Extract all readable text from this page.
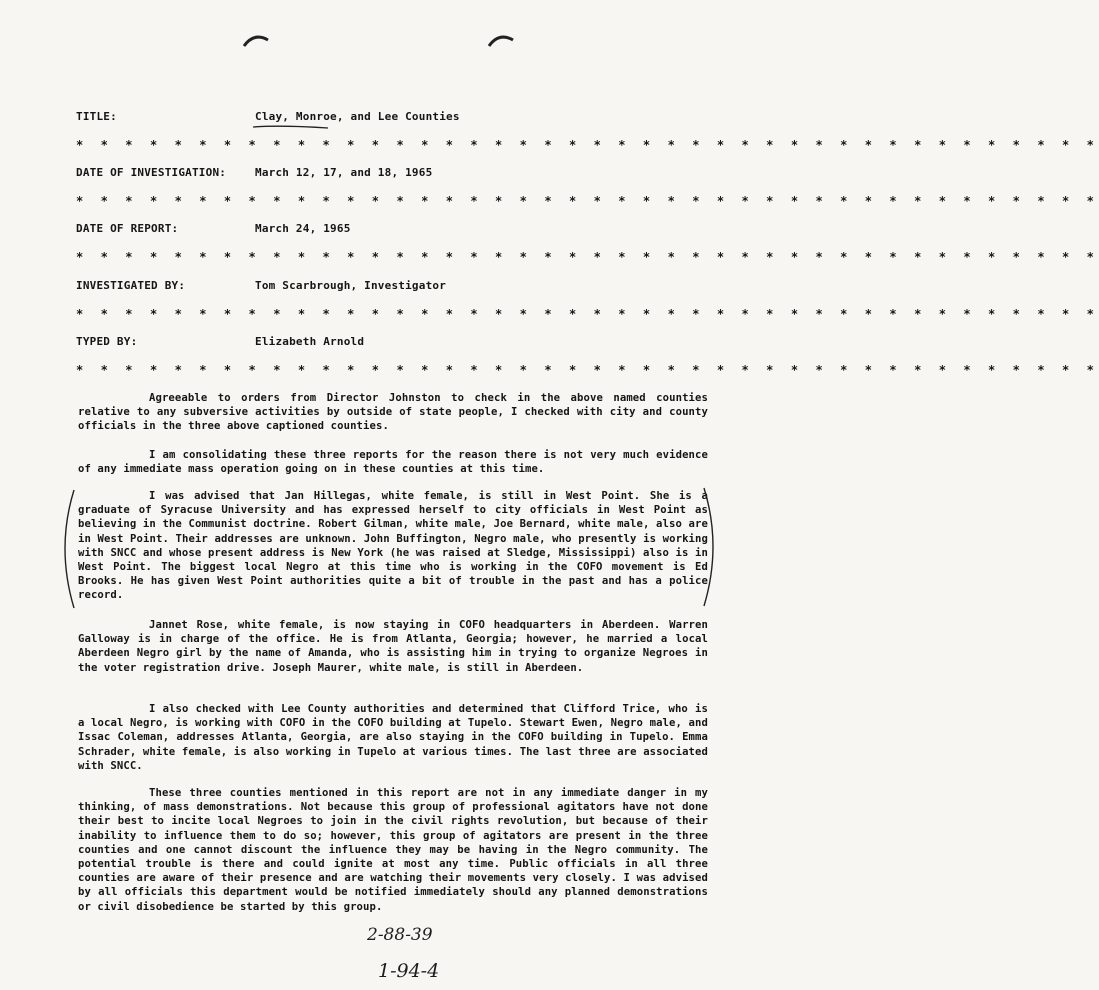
TITLE:	Clay, Monroe, and Lee Counties
* * * * * * * * * * * * * * * * * * * * * * * * * * * * * * * * * * * * * * * * * *
DATE OF INVESTIGATION:	March 12, 17, and 18, 1965
* * * * * * * * * * * * * * * * * * * * * * * * * * * * * * * * * * * * * * * * * *
DATE OF REPORT:	March 24, 1965
* * * * * * * * * * * * * * * * * * * * * * * * * * * * * * * * * * * * * * * * * *
INVESTIGATED BY:	Tom Scarbrough, Investigator
* * * * * * * * * * * * * * * * * * * * * * * * * * * * * * * * * * * * * * * * * *
TYPED BY:	Elizabeth Arnold
* * * * * * * * * * * * * * * * * * * * * * * * * * * * * * * * * * * * * * * * * *
Agreeable to orders from Director Johnston to check in the above named counties relative to any subversive activities by outside of state people, I checked with city and county officials in the three above captioned counties.
I am consolidating these three reports for the reason there is not very much evidence of any immediate mass operation going on in these counties at this time.
I was advised that Jan Hillegas, white female, is still in West Point. She is a graduate of Syracuse University and has expressed herself to city officials in West Point as believing in the Communist doctrine. Robert Gilman, white male, Joe Bernard, white male, also are in West Point. Their addresses are unknown. John Buffington, Negro male, who presently is working with SNCC and whose present address is New York (he was raised at Sledge, Mississippi) also is in West Point. The biggest local Negro at this time who is working in the COFO movement is Ed Brooks. He has given West Point authorities quite a bit of trouble in the past and has a police record.
Jannet Rose, white female, is now staying in COFO headquarters in Aberdeen. Warren Galloway is in charge of the office. He is from Atlanta, Georgia; however, he married a local Aberdeen Negro girl by the name of Amanda, who is assisting him in trying to organize Negroes in the voter registration drive. Joseph Maurer, white male, is still in Aberdeen.
I also checked with Lee County authorities and determined that Clifford Trice, who is a local Negro, is working with COFO in the COFO building at Tupelo. Stewart Ewen, Negro male, and Issac Coleman, addresses Atlanta, Georgia, are also staying in the COFO building in Tupelo. Emma Schrader, white female, is also working in Tupelo at various times. The last three are associated with SNCC.
These three counties mentioned in this report are not in any immediate danger in my thinking, of mass demonstrations. Not because this group of professional agitators have not done their best to incite local Negroes to join in the civil rights revolution, but because of their inability to influence them to do so; however, this group of agitators are present in the three counties and one cannot discount the influence they may be having in the Negro community. The potential trouble is there and could ignite at most any time. Public officials in all three counties are aware of their presence and are watching their movements very closely. I was advised by all officials this department would be notified immediately should any planned demonstrations or civil disobedience be started by this group.
2-88-39
1-94-4
